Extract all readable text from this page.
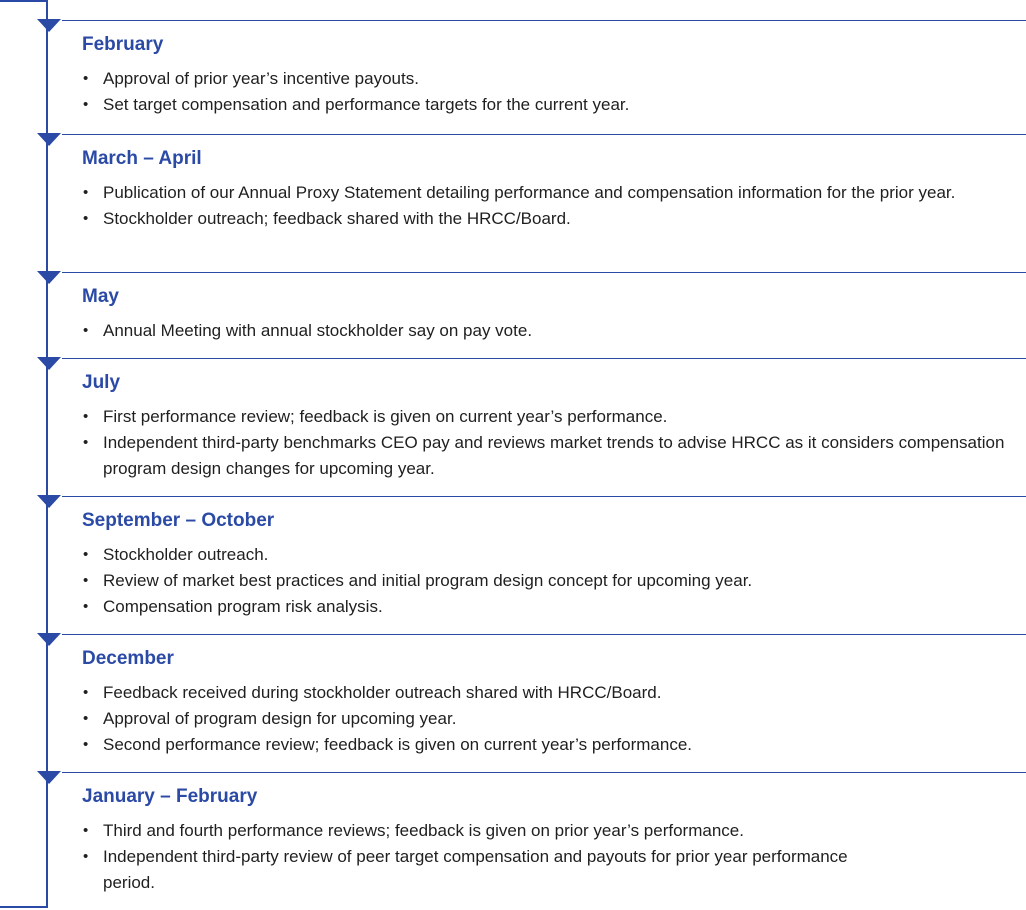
February
• Approval of prior year’s incentive payouts.
• Set target compensation and performance targets for the current year.
March – April
• Publication of our Annual Proxy Statement detailing performance and compensation information for the prior year.
• Stockholder outreach; feedback shared with the HRCC/Board.
May
• Annual Meeting with annual stockholder say on pay vote.
July
• First performance review; feedback is given on current year’s performance.
• Independent third-party benchmarks CEO pay and reviews market trends to advise HRCC as it considers compensation program design changes for upcoming year.
September – October
• Stockholder outreach.
• Review of market best practices and initial program design concept for upcoming year.
• Compensation program risk analysis.
December
• Feedback received during stockholder outreach shared with HRCC/Board.
• Approval of program design for upcoming year.
• Second performance review; feedback is given on current year’s performance.
January – February
• Third and fourth performance reviews; feedback is given on prior year’s performance.
• Independent third-party review of peer target compensation and payouts for prior year performance period.
